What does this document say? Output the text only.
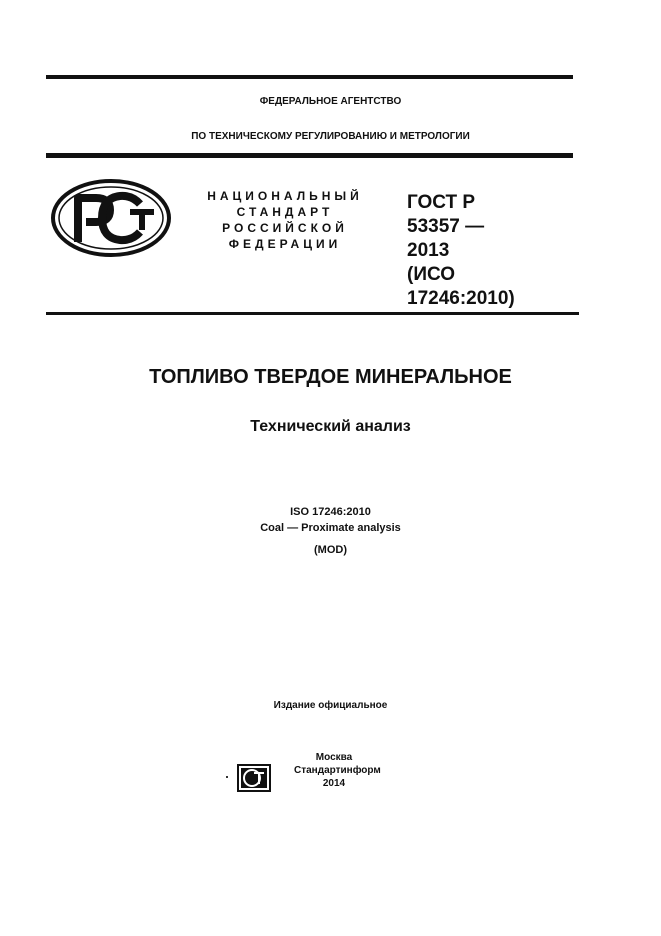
ФЕДЕРАЛЬНОЕ АГЕНТСТВО
ПО ТЕХНИЧЕСКОМУ РЕГУЛИРОВАНИЮ И МЕТРОЛОГИИ
НАЦИОНАЛЬНЫЙ
СТАНДАРТ
РОССИЙСКОЙ
ФЕДЕРАЦИИ
ГОСТ Р
53357 —
2013
(ИСО
17246:2010)
ТОПЛИВО ТВЕРДОЕ МИНЕРАЛЬНОЕ
Технический анализ
ISO 17246:2010
Coal — Proximate analysis
(MOD)
Издание официальное
Москва
Стандартинформ
2014
